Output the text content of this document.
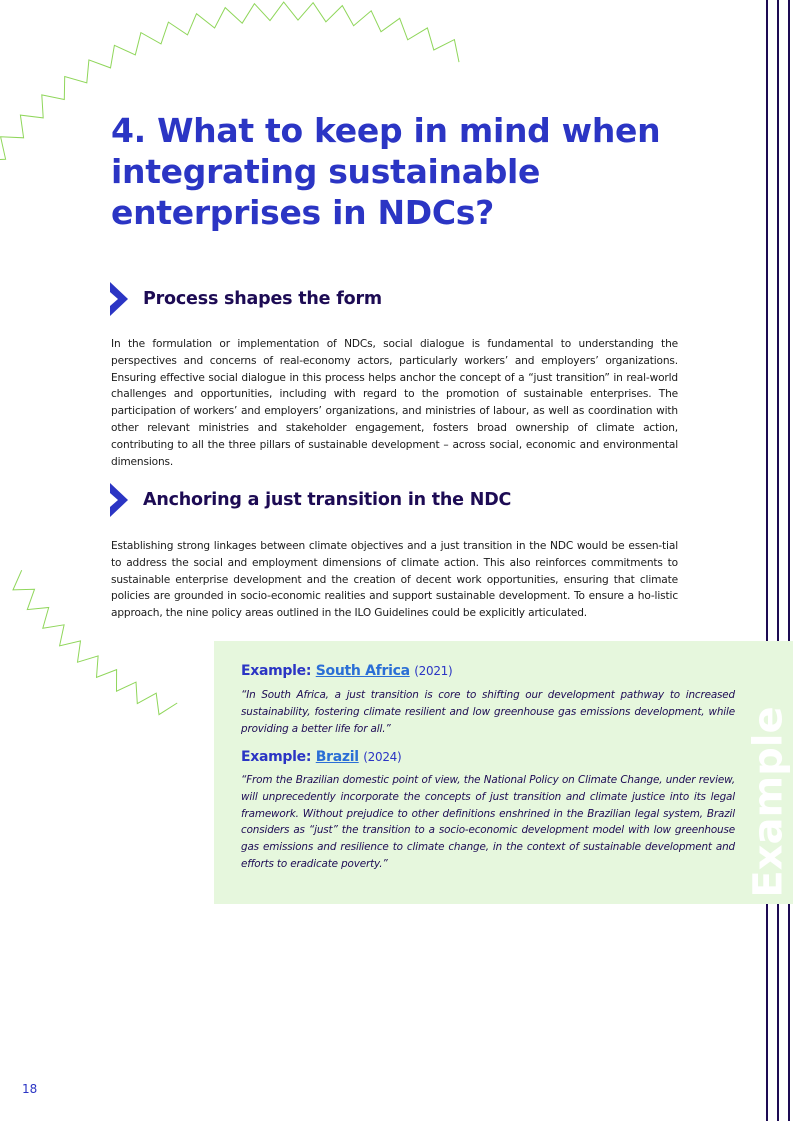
4. What to keep in mind when integrating sustainable enterprises in NDCs?
Process shapes the form

In the formulation or implementation of NDCs, social dialogue is fundamental to understanding the perspectives and concerns of real-economy actors, particularly workers’ and employers’ organizations. Ensuring effective social dialogue in this process helps anchor the concept of a “just transition” in real-world challenges and opportunities, including with regard to the promotion of sustainable enterprises. The participation of workers’ and employers’ organizations, and ministries of labour, as well as coordination with other relevant ministries and stakeholder engagement, fosters broad ownership of climate action, contributing to all the three pillars of sustainable development – across social, economic and environmental dimensions.

Anchoring a just transition in the NDC

Establishing strong linkages between climate objectives and a just transition in the NDC would be essen-tial to address the social and employment dimensions of climate action. This also reinforces commitments to sustainable enterprise development and the creation of decent work opportunities, ensuring that climate policies are grounded in socio-economic realities and support sustainable development. To ensure a ho-listic approach, the nine policy areas outlined in the ILO Guidelines could be explicitly articulated.

Example: South Africa (2021)

“In South Africa, a just transition is core to shifting our development pathway to increased sustainability, fostering climate resilient and low greenhouse gas emissions development, while providing a better life for all.”

Example: Brazil (2024)

“From the Brazilian domestic point of view, the National Policy on Climate Change, under review, will unprecedently incorporate the concepts of just transition and climate justice into its legal framework. Without prejudice to other definitions enshrined in the Brazilian legal system, Brazil considers as “just” the transition to a socio-economic development model with low greenhouse gas emissions and resilience to climate change, in the context of sustainable development and efforts to eradicate poverty.”	Example
18
